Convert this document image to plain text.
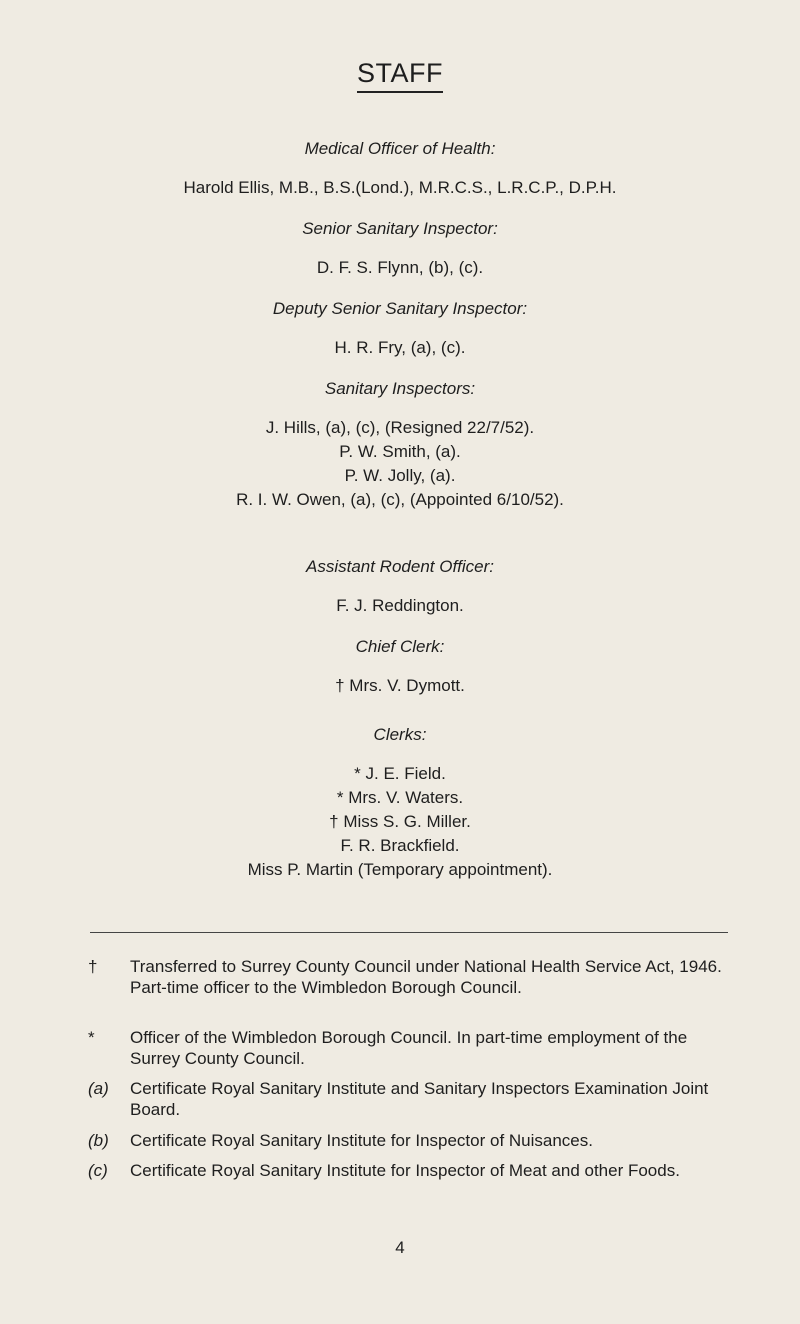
STAFF
Medical Officer of Health:
Harold Ellis, M.B., B.S.(Lond.), M.R.C.S., L.R.C.P., D.P.H.
Senior Sanitary Inspector:
D. F. S. Flynn, (b), (c).
Deputy Senior Sanitary Inspector:
H. R. Fry, (a), (c).
Sanitary Inspectors:
J. Hills, (a), (c), (Resigned 22/7/52).
P. W. Smith, (a).
P. W. Jolly, (a).
R. I. W. Owen, (a), (c), (Appointed 6/10/52).
Assistant Rodent Officer:
F. J. Reddington.
Chief Clerk:
† Mrs. V. Dymott.
Clerks:
* J. E. Field.
* Mrs. V. Waters.
† Miss S. G. Miller.
F. R. Brackfield.
Miss P. Martin (Temporary appointment).
†	Transferred to Surrey County Council under National Health Service Act, 1946. Part-time officer to the Wimbledon Borough Council.
*	Officer of the Wimbledon Borough Council. In part-time employment of the Surrey County Council.
(a)	Certificate Royal Sanitary Institute and Sanitary Inspectors Examination Joint Board.
(b)	Certificate Royal Sanitary Institute for Inspector of Nuisances.
(c)	Certificate Royal Sanitary Institute for Inspector of Meat and other Foods.
4
